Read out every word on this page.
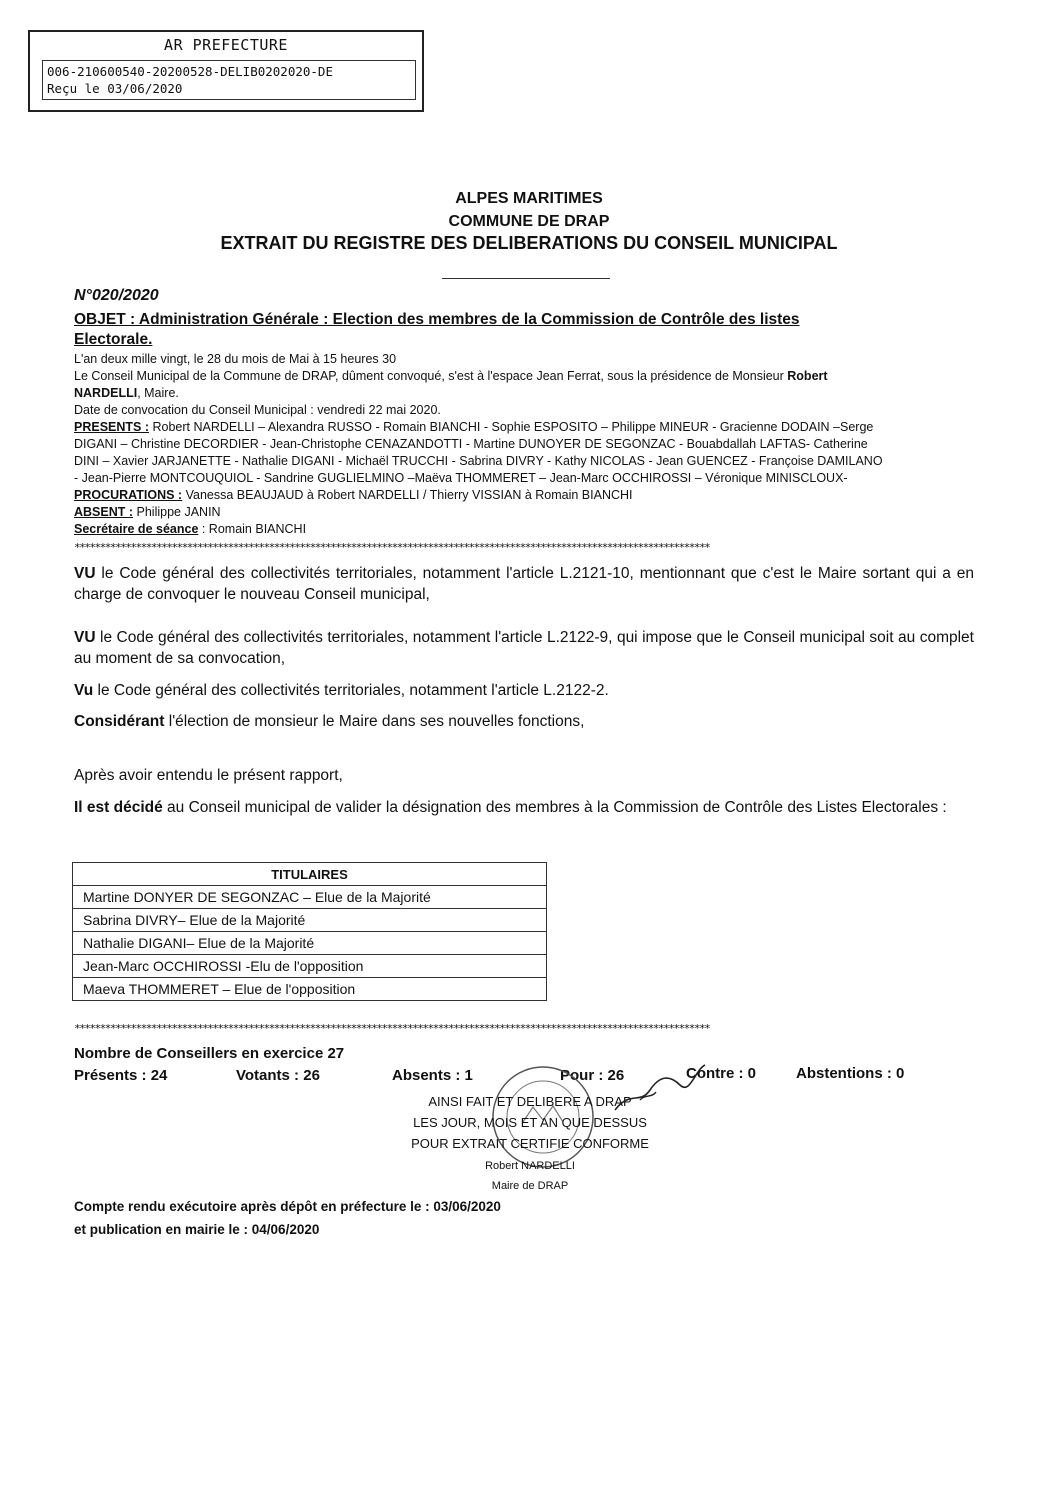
AR PREFECTURE
006-210600540-20200528-DELIB0202020-DE
Reçu le 03/06/2020
ALPES MARITIMES
COMMUNE DE DRAP
EXTRAIT DU REGISTRE DES DELIBERATIONS DU CONSEIL MUNICIPAL
N°020/2020
OBJET : Administration Générale : Election des membres de la Commission de Contrôle des listes
Electorale.
L'an deux mille vingt, le 28 du mois de Mai à 15 heures 30
Le Conseil Municipal de la Commune de DRAP, dûment convoqué, s'est à l'espace Jean Ferrat, sous la présidence de Monsieur Robert
NARDELLI, Maire.
Date de convocation du Conseil Municipal : vendredi 22 mai 2020.
PRESENTS : Robert NARDELLI – Alexandra RUSSO - Romain BIANCHI - Sophie ESPOSITO – Philippe MINEUR - Gracienne DODAIN –Serge
DIGANI – Christine DECORDIER - Jean-Christophe CENAZANDOTTI - Martine DUNOYER DE SEGONZAC - Bouabdallah LAFTAS- Catherine
DINI – Xavier JARJANETTE - Nathalie DIGANI - Michaël TRUCCHI - Sabrina DIVRY - Kathy NICOLAS - Jean GUENCEZ - Françoise DAMILANO
- Jean-Pierre MONTCOUQUIOL - Sandrine GUGLIELMINO –Maëva THOMMERET – Jean-Marc OCCHIROSSI – Véronique MINISCLOUX-
PROCURATIONS : Vanessa BEAUJAUD à Robert NARDELLI / Thierry VISSIAN à Romain BIANCHI
ABSENT : Philippe JANIN
Secrétaire de séance : Romain BIANCHI
****************************************************************************************************************************
VU le Code général des collectivités territoriales, notamment l'article L.2121-10, mentionnant que c'est le Maire sortant qui a en charge de convoquer le nouveau Conseil municipal,
VU le Code général des collectivités territoriales, notamment l'article L.2122-9, qui impose que le Conseil municipal soit au complet au moment de sa convocation,
Vu le Code général des collectivités territoriales, notamment l'article L.2122-2.
Considérant l'élection de monsieur le Maire dans ses nouvelles fonctions,
Après avoir entendu le présent rapport,
Il est décidé au Conseil municipal de valider la désignation des membres à la Commission de Contrôle des Listes Electorales :
TITULAIRES
Martine DONYER DE SEGONZAC – Elue de la Majorité
Sabrina DIVRY– Elue de la Majorité
Nathalie DIGANI– Elue de la Majorité
Jean-Marc OCCHIROSSI -Elu de l'opposition
Maeva THOMMERET – Elue de l'opposition
****************************************************************************************************************************
Nombre de Conseillers en exercice 27
Présents : 24	Votants : 26	Absents : 1	Pour : 26	Contre : 0	Abstentions : 0
AINSI FAIT ET DELIBERE A DRAP
LES JOUR, MOIS ET AN QUE DESSUS
POUR EXTRAIT CERTIFIE CONFORME
Robert NARDELLI
Maire de DRAP
Compte rendu exécutoire après dépôt en préfecture le : 03/06/2020
et publication en mairie le : 04/06/2020
